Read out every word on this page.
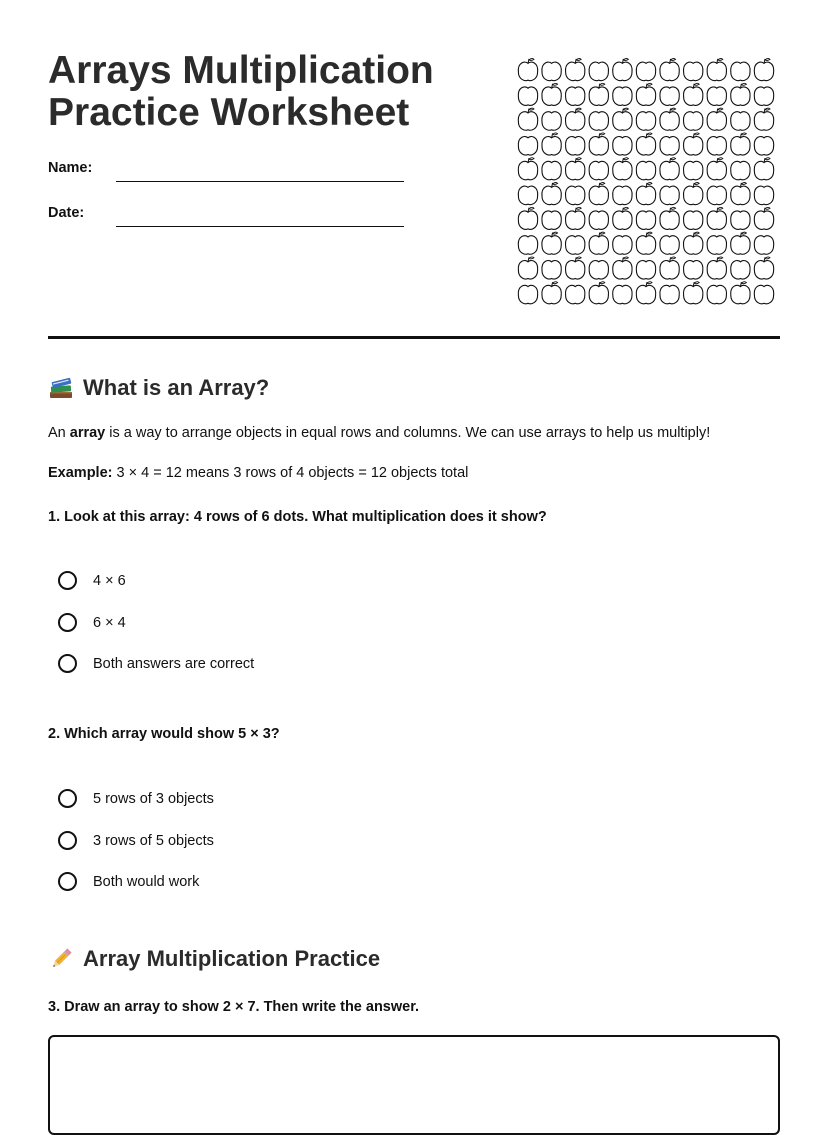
Arrays Multiplication Practice Worksheet
Name:
Date:
What is an Array?
An array is a way to arrange objects in equal rows and columns. We can use arrays to help us multiply!
Example: 3 × 4 = 12 means 3 rows of 4 objects = 12 objects total
1. Look at this array: 4 rows of 6 dots. What multiplication does it show?
4 × 6
6 × 4
Both answers are correct
2. Which array would show 5 × 3?
5 rows of 3 objects
3 rows of 5 objects
Both would work
Array Multiplication Practice
3. Draw an array to show 2 × 7. Then write the answer.
